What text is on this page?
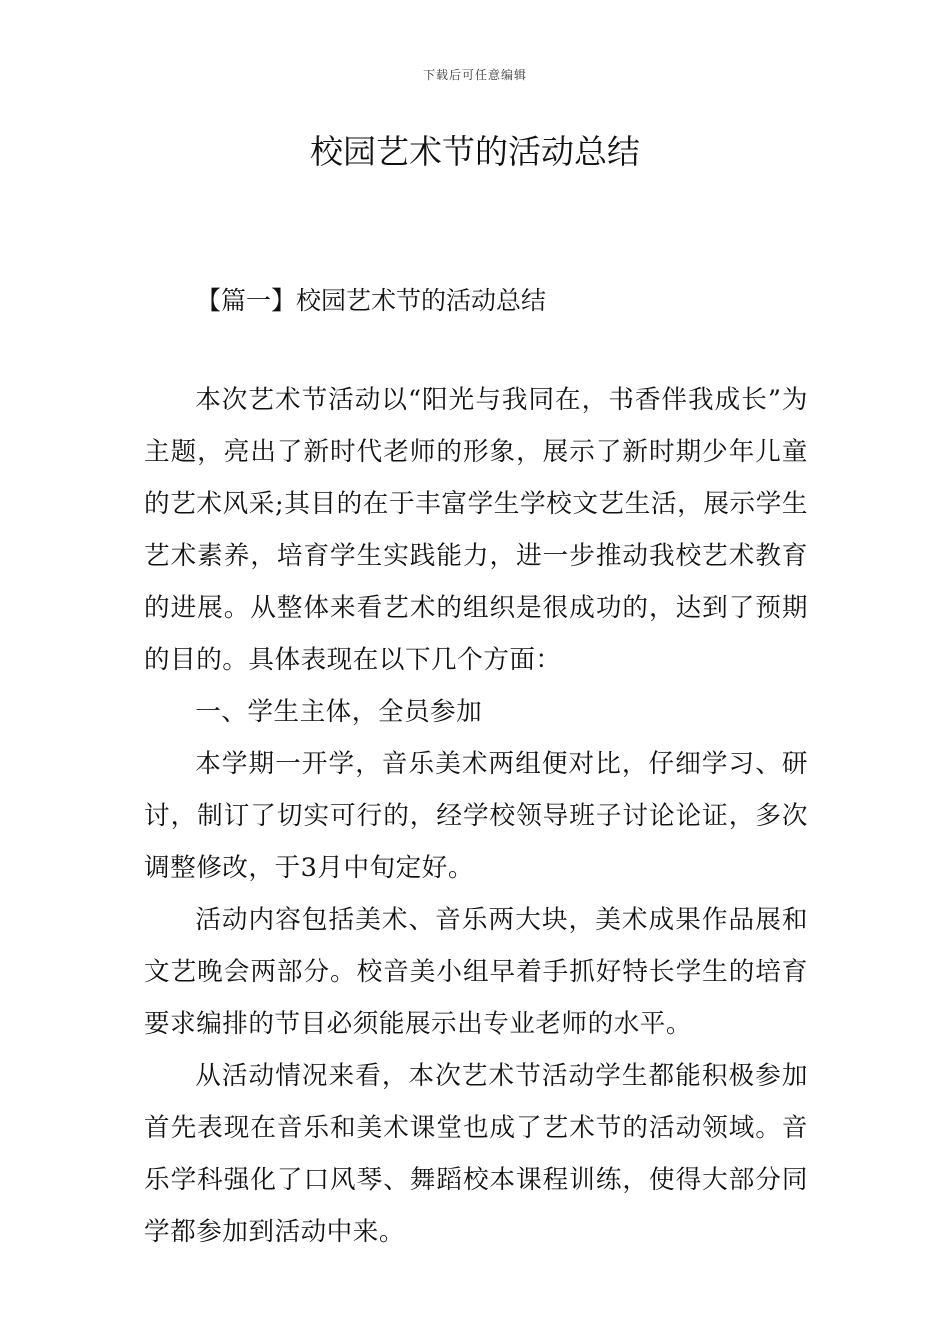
下载后可任意编辑
校园艺术节的活动总结
【篇一】校园艺术节的活动总结

本次艺术节活动以“阳光与我同在，书香伴我成长”为主题，亮出了新时代老师的形象，展示了新时期少年儿童的艺术风采;其目的在于丰富学生学校文艺生活，展示学生艺术素养，培育学生实践能力，进一步推动我校艺术教育的进展。从整体来看艺术的组织是很成功的，达到了预期的目的。具体表现在以下几个方面：

一、学生主体，全员参加

本学期一开学，音乐美术两组便对比，仔细学习、研讨，制订了切实可行的，经学校领导班子讨论论证，多次调整修改，于3月中旬定好。

活动内容包括美术、音乐两大块，美术成果作品展和文艺晚会两部分。校音美小组早着手抓好特长学生的培育要求编排的节目必须能展示出专业老师的水平。

从活动情况来看，本次艺术节活动学生都能积极参加首先表现在音乐和美术课堂也成了艺术节的活动领域。音乐学科强化了口风琴、舞蹈校本课程训练，使得大部分同学都参加到活动中来。
